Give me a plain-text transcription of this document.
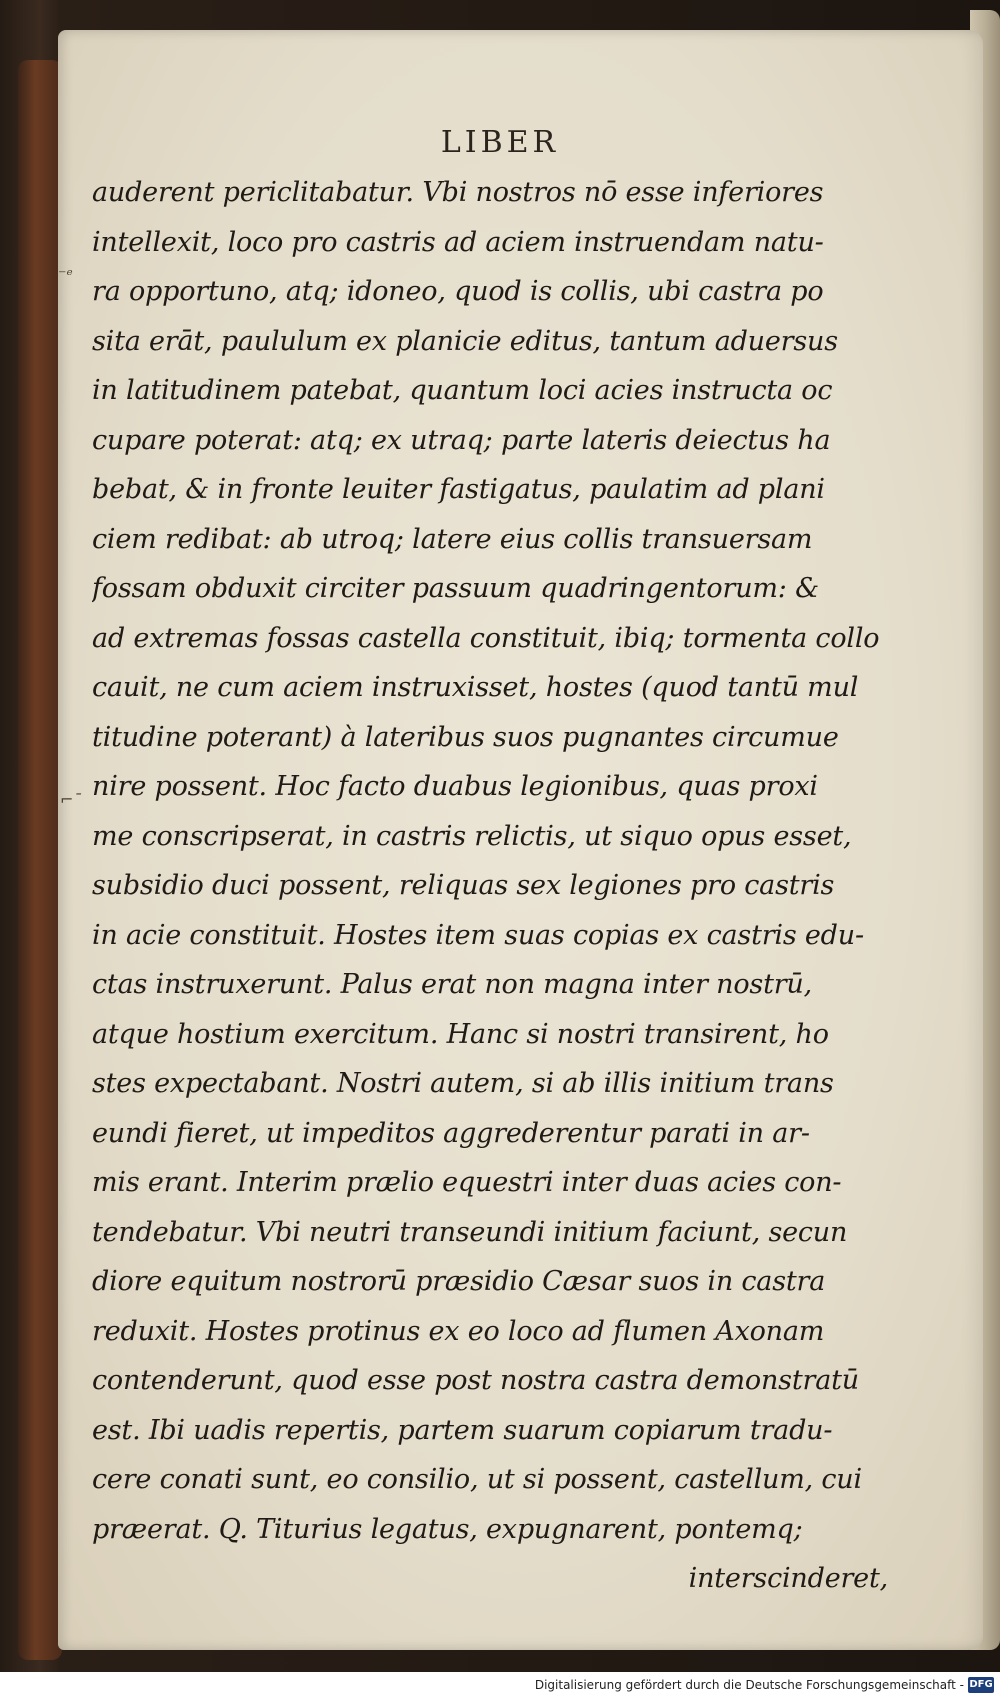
LIBER
⁻ᵉ
⌐ˉ
auderent periclitabatur. Vbi nostros nō esse inferiores
intellexit, loco pro castris ad aciem instruendam natu-
ra opportuno, atq; idoneo, quod is collis, ubi castra po
sita erāt, paululum ex planicie editus, tantum aduersus
in latitudinem patebat, quantum loci acies instructa oc
cupare poterat: atq; ex utraq; parte lateris deiectus ha
bebat, & in fronte leuiter fastigatus, paulatim ad plani
ciem redibat: ab utroq; latere eius collis transuersam
fossam obduxit circiter passuum quadringentorum: &
ad extremas fossas castella constituit, ibiq; tormenta collo
cauit, ne cum aciem instruxisset, hostes (quod tantū mul
titudine poterant) à lateribus suos pugnantes circumue
nire possent. Hoc facto duabus legionibus, quas proxi
me conscripserat, in castris relictis, ut siquo opus esset,
subsidio duci possent, reliquas sex legiones pro castris
in acie constituit. Hostes item suas copias ex castris edu-
ctas instruxerunt. Palus erat non magna inter nostrū,
atque hostium exercitum. Hanc si nostri transirent, ho
stes expectabant. Nostri autem, si ab illis initium trans
eundi fieret, ut impeditos aggrederentur parati in ar-
mis erant. Interim prælio equestri inter duas acies con-
tendebatur. Vbi neutri transeundi initium faciunt, secun
diore equitum nostrorū præsidio Cæsar suos in castra
reduxit. Hostes protinus ex eo loco ad flumen Axonam
contenderunt, quod esse post nostra castra demonstratū
est. Ibi uadis repertis, partem suarum copiarum tradu-
cere conati sunt, eo consilio, ut si possent, castellum, cui
præerat. Q. Titurius legatus, expugnarent, pontemq;
interscinderet,
Digitalisierung gefördert durch die Deutsche Forschungsgemeinschaft - DFG
